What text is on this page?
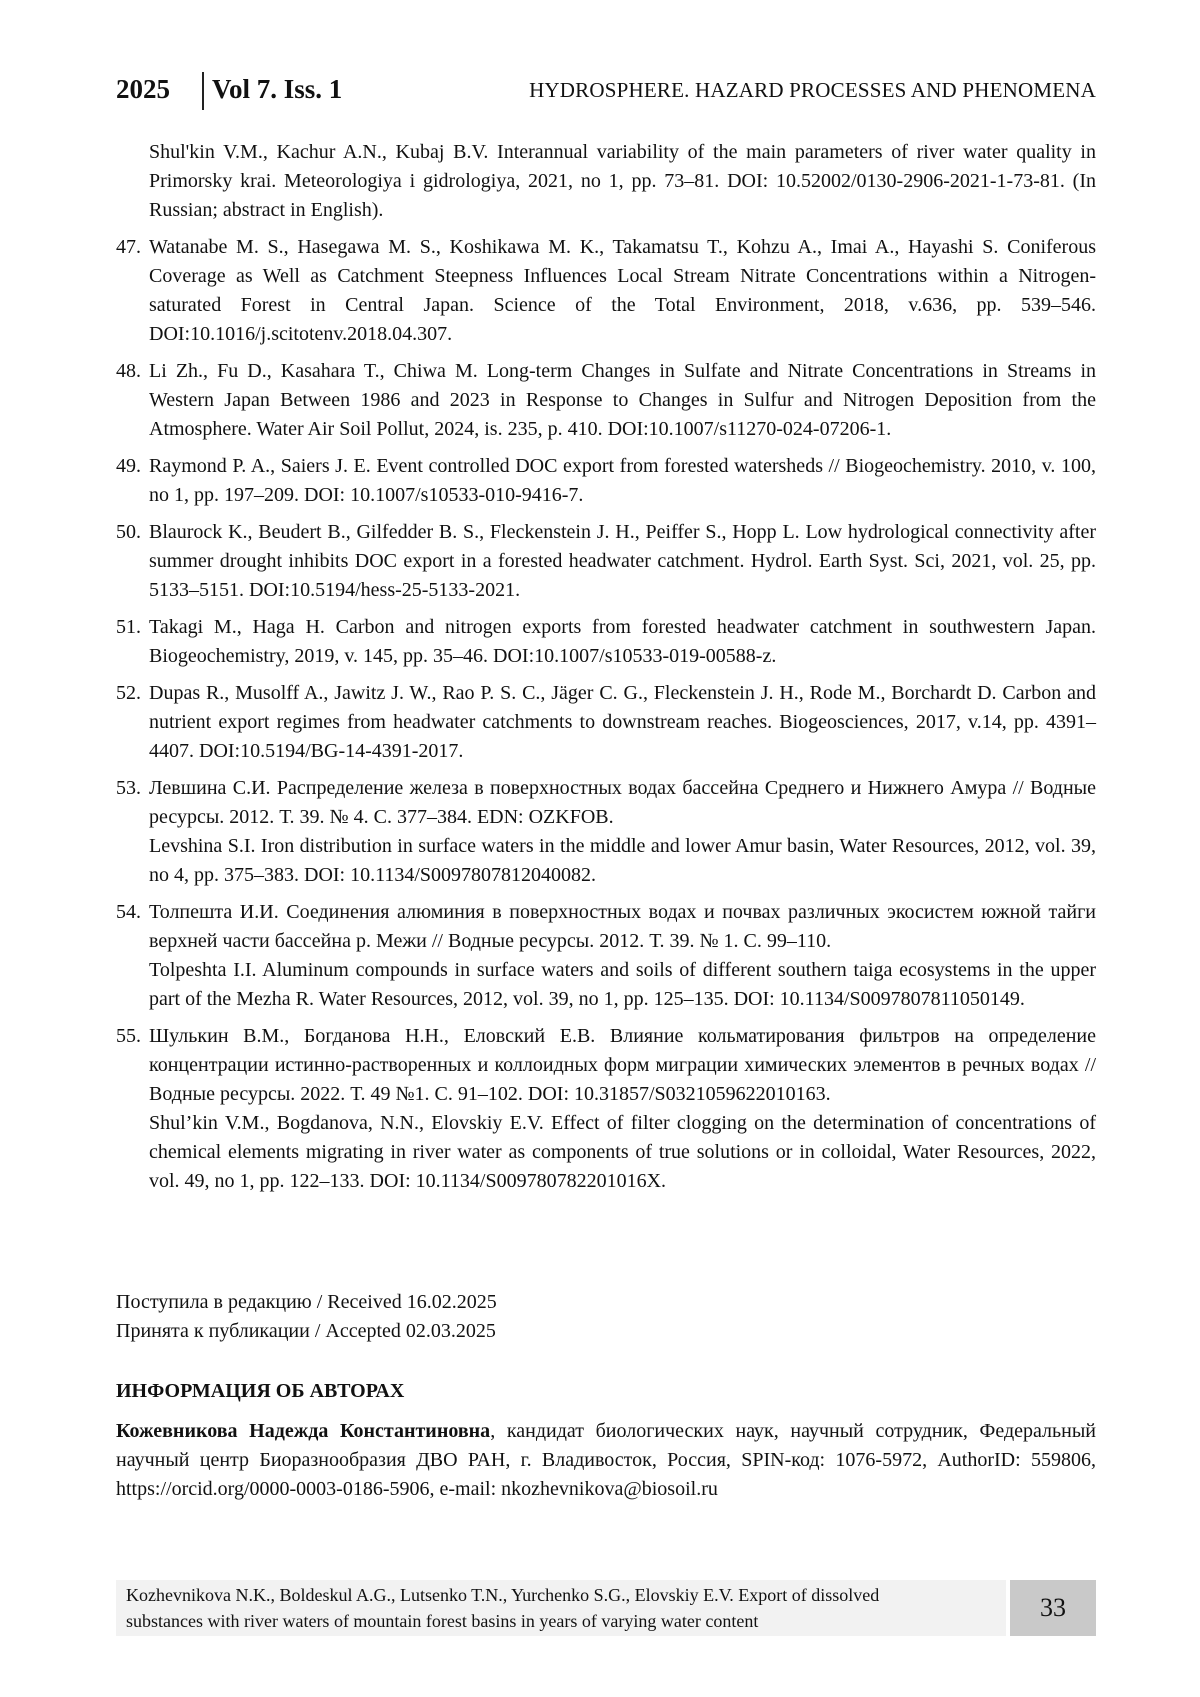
2025 Vol 7. Iss. 1	HYDROSPHERE. HAZARD PROCESSES AND PHENOMENA

Shul'kin V.M., Kachur A.N., Kubaj B.V. Interannual variability of the main parameters of river water quality in Primorsky krai. Meteorologiya i gidrologiya, 2021, no 1, pp. 73–81. DOI: 10.52002/0130-2906-2021-1-73-81. (In Russian; abstract in English).

47. Watanabe M. S., Hasegawa M. S., Koshikawa M. K., Takamatsu T., Kohzu A., Imai A., Hayashi S. Coniferous Coverage as Well as Catchment Steepness Influences Local Stream Nitrate Concentrations within a Nitrogen-saturated Forest in Central Japan. Science of the Total Environment, 2018, v.636, pp. 539–546. DOI:10.1016/j.scitotenv.2018.04.307.

48. Li Zh., Fu D., Kasahara T., Chiwa M. Long-term Changes in Sulfate and Nitrate Concentrations in Streams in Western Japan Between 1986 and 2023 in Response to Changes in Sulfur and Nitrogen Deposition from the Atmosphere. Water Air Soil Pollut, 2024, is. 235, p. 410. DOI:10.1007/s11270-024-07206-1.

49. Raymond P. A., Saiers J. E. Event controlled DOC export from forested watersheds // Biogeochemistry. 2010, v. 100, no 1, pp. 197–209. DOI: 10.1007/s10533-010-9416-7.

50. Blaurock K., Beudert B., Gilfedder B. S., Fleckenstein J. H., Peiffer S., Hopp L. Low hydrological connectivity after summer drought inhibits DOC export in a forested headwater catchment. Hydrol. Earth Syst. Sci, 2021, vol. 25, pp. 5133–5151. DOI:10.5194/hess-25-5133-2021.

51. Takagi M., Haga H. Carbon and nitrogen exports from forested headwater catchment in southwestern Japan. Biogeochemistry, 2019, v. 145, pp. 35–46. DOI:10.1007/s10533-019-00588-z.

52. Dupas R., Musolff A., Jawitz J. W., Rao P. S. C., Jäger C. G., Fleckenstein J. H., Rode M., Borchardt D. Carbon and nutrient export regimes from headwater catchments to downstream reaches. Biogeosciences, 2017, v.14, pp. 4391–4407. DOI:10.5194/BG-14-4391-2017.

53. Левшина С.И. Распределение железа в поверхностных водах бассейна Среднего и Нижнего Амура // Водные ресурсы. 2012. Т. 39. № 4. С. 377–384. EDN: OZKFOB.

Levshina S.I. Iron distribution in surface waters in the middle and lower Amur basin, Water Resources, 2012, vol. 39, no 4, pp. 375–383. DOI: 10.1134/S0097807812040082.

54. Толпешта И.И. Соединения алюминия в поверхностных водах и почвах различных экосистем южной тайги верхней части бассейна р. Межи // Водные ресурсы. 2012. Т. 39. № 1. С. 99–110.

Tolpeshta I.I. Aluminum compounds in surface waters and soils of different southern taiga ecosystems in the upper part of the Mezha R. Water Resources, 2012, vol. 39, no 1, pp. 125–135. DOI: 10.1134/S0097807811050149.

55. Шулькин В.М., Богданова Н.Н., Еловский Е.В. Влияние кольматирования фильтров на определение концентрации истинно-растворенных и коллоидных форм миграции химических элементов в речных водах // Водные ресурсы. 2022. Т. 49 №1. С. 91–102. DOI: 10.31857/S0321059622010163.

Shul’kin V.M., Bogdanova, N.N., Elovskiy E.V. Effect of filter clogging on the determination of concentrations of chemical elements migrating in river water as components of true solutions or in colloidal, Water Resources, 2022, vol. 49, no 1, pp. 122–133. DOI: 10.1134/S009780782201016X.

Поступила в редакцию / Received 16.02.2025
Принята к публикации / Accepted 02.03.2025
ИНФОРМАЦИЯ ОБ АВТОРАХ
Кожевникова Надежда Константиновна, кандидат биологических наук, научный сотрудник, Федеральный научный центр Биоразнообразия ДВО РАН, г. Владивосток, Россия, SPIN-код: 1076-5972, AuthorID: 559806, https://orcid.org/0000-0003-0186-5906, e-mail: nkozhevnikova@biosoil.ru
Kozhevnikova N.K., Boldeskul A.G., Lutsenko T.N., Yurchenko S.G., Elovskiy E.V. Export of dissolved
substances with river waters of mountain forest basins in years of varying water content	33
